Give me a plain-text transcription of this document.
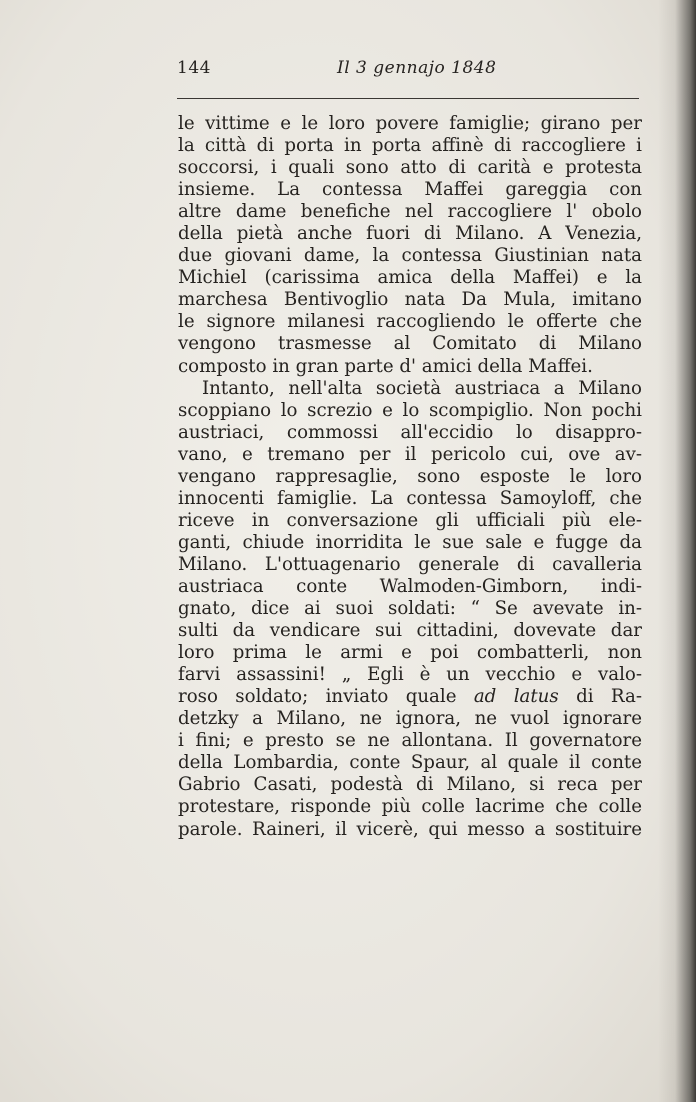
144	Il 3 gennajo 1848
le vittime e le loro povere famiglie; girano per
la città di porta in porta affinè di raccogliere i
soccorsi, i quali sono atto di carità e protesta
insieme. La contessa Maffei gareggia con
altre dame benefiche nel raccogliere l' obolo
della pietà anche fuori di Milano. A Venezia,
due giovani dame, la contessa Giustinian nata
Michiel (carissima amica della Maffei) e la
marchesa Bentivoglio nata Da Mula, imitano
le signore milanesi raccogliendo le offerte che
vengono trasmesse al Comitato di Milano
composto in gran parte d' amici della Maffei.
Intanto, nell'alta società austriaca a Milano
scoppiano lo screzio e lo scompiglio. Non pochi
austriaci, commossi all'eccidio lo disappro-
vano, e tremano per il pericolo cui, ove av-
vengano rappresaglie, sono esposte le loro
innocenti famiglie. La contessa Samoyloff, che
riceve in conversazione gli ufficiali più ele-
ganti, chiude inorridita le sue sale e fugge da
Milano. L'ottuagenario generale di cavalleria
austriaca conte Walmoden-Gimborn, indi-
gnato, dice ai suoi soldati: “ Se avevate in-
sulti da vendicare sui cittadini, dovevate dar
loro prima le armi e poi combatterli, non
farvi assassini! „ Egli è un vecchio e valo-
roso soldato; inviato quale ad latus di Ra-
detzky a Milano, ne ignora, ne vuol ignorare
i fini; e presto se ne allontana. Il governatore
della Lombardia, conte Spaur, al quale il conte
Gabrio Casati, podestà di Milano, si reca per
protestare, risponde più colle lacrime che colle
parole. Raineri, il vicerè, qui messo a sostituire
